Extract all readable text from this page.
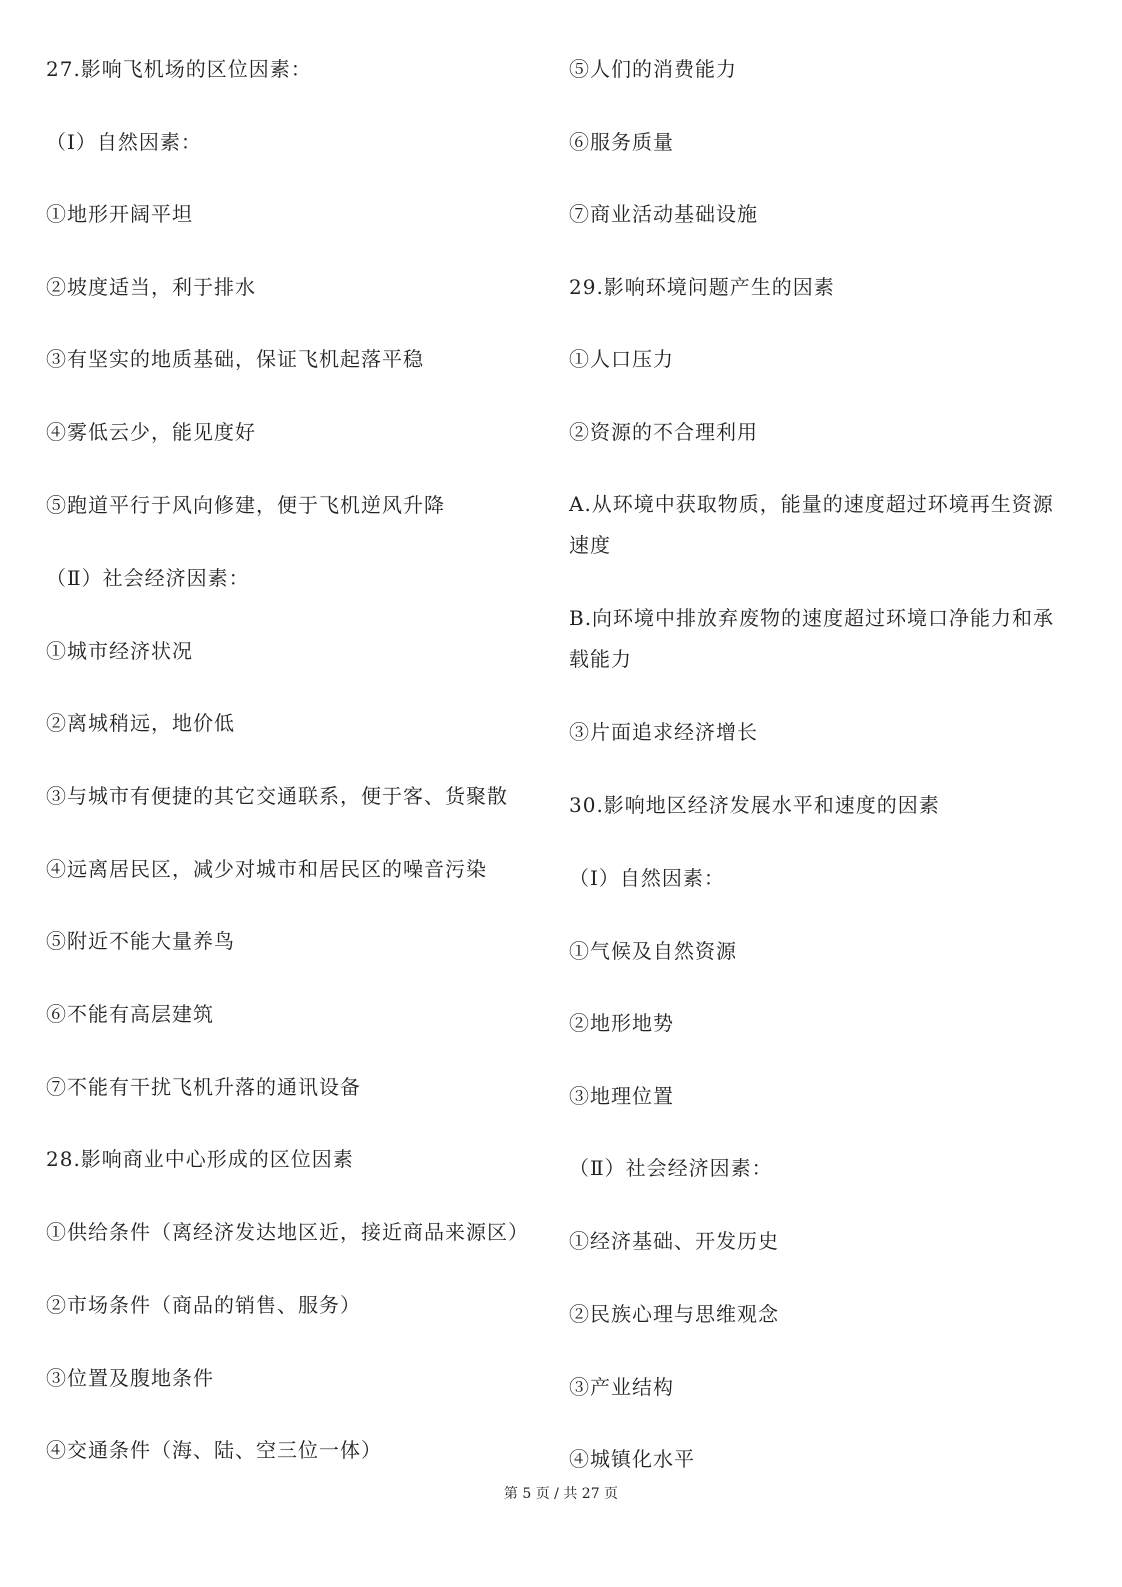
27.影响飞机场的区位因素：
（Ⅰ）自然因素：
①地形开阔平坦
②坡度适当，利于排水
③有坚实的地质基础，保证飞机起落平稳
④雾低云少，能见度好
⑤跑道平行于风向修建，便于飞机逆风升降
（Ⅱ）社会经济因素：
①城市经济状况
②离城稍远，地价低
③与城市有便捷的其它交通联系，便于客、货聚散
④远离居民区，减少对城市和居民区的噪音污染
⑤附近不能大量养鸟
⑥不能有高层建筑
⑦不能有干扰飞机升落的通讯设备
28.影响商业中心形成的区位因素
①供给条件（离经济发达地区近，接近商品来源区）
②市场条件（商品的销售、服务）
③位置及腹地条件
④交通条件（海、陆、空三位一体）
⑤人们的消费能力
⑥服务质量
⑦商业活动基础设施
29.影响环境问题产生的因素
①人口压力
②资源的不合理利用
A.从环境中获取物质，能量的速度超过环境再生资源速度
B.向环境中排放弃废物的速度超过环境口净能力和承载能力
③片面追求经济增长
30.影响地区经济发展水平和速度的因素
（Ⅰ）自然因素：
①气候及自然资源
②地形地势
③地理位置
（Ⅱ）社会经济因素：
①经济基础、开发历史
②民族心理与思维观念
③产业结构
④城镇化水平
第 5 页 / 共 27 页
